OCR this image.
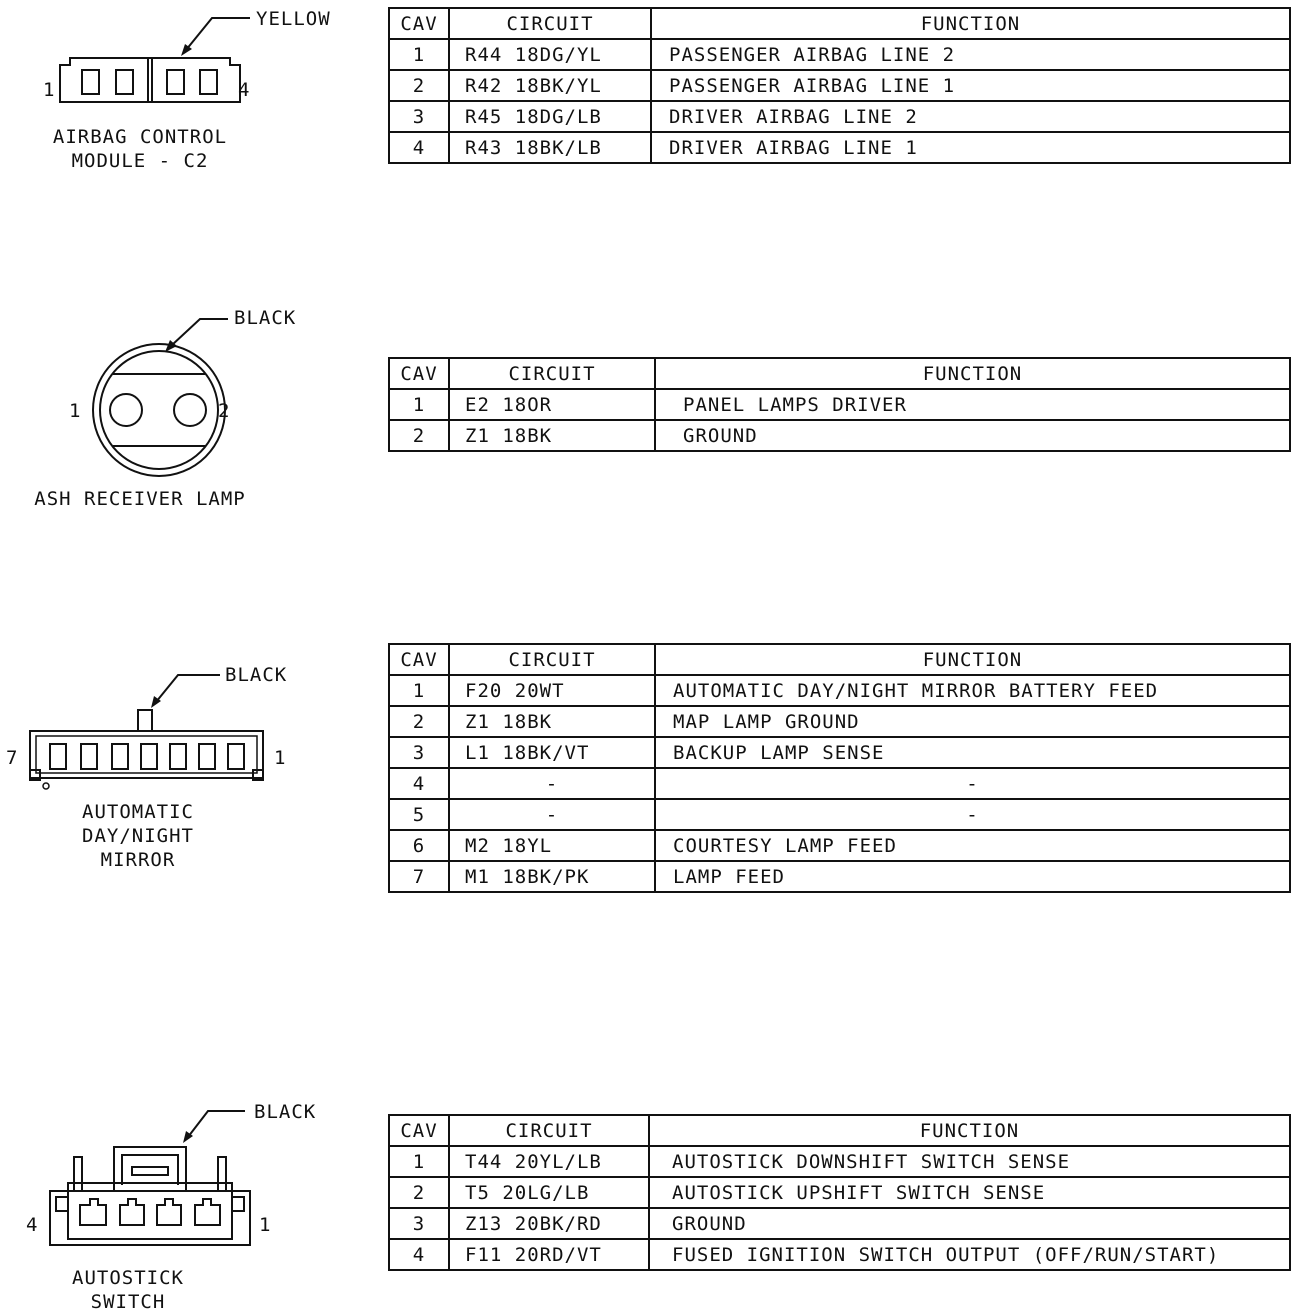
YELLOW
1	4
AIRBAG CONTROL
MODULE - C2
CAV	CIRCUIT	FUNCTION
1	R44 18DG/YL	PASSENGER AIRBAG LINE 2
2	R42 18BK/YL	PASSENGER AIRBAG LINE 1
3	R45 18DG/LB	DRIVER AIRBAG LINE 2
4	R43 18BK/LB	DRIVER AIRBAG LINE 1
BLACK
1	2
ASH RECEIVER LAMP
CAV	CIRCUIT	FUNCTION
1	E2 18OR	PANEL LAMPS DRIVER
2	Z1 18BK	GROUND
BLACK
7	1
AUTOMATIC
DAY/NIGHT
MIRROR
CAV	CIRCUIT	FUNCTION
1	F20 20WT	AUTOMATIC DAY/NIGHT MIRROR BATTERY FEED
2	Z1 18BK	MAP LAMP GROUND
3	L1 18BK/VT	BACKUP LAMP SENSE
4	-	-
5	-	-
6	M2 18YL	COURTESY LAMP FEED
7	M1 18BK/PK	LAMP FEED
BLACK
4	1
AUTOSTICK
SWITCH
CAV	CIRCUIT	FUNCTION
1	T44 20YL/LB	AUTOSTICK DOWNSHIFT SWITCH SENSE
2	T5 20LG/LB	AUTOSTICK UPSHIFT SWITCH SENSE
3	Z13 20BK/RD	GROUND
4	F11 20RD/VT	FUSED IGNITION SWITCH OUTPUT (OFF/RUN/START)
